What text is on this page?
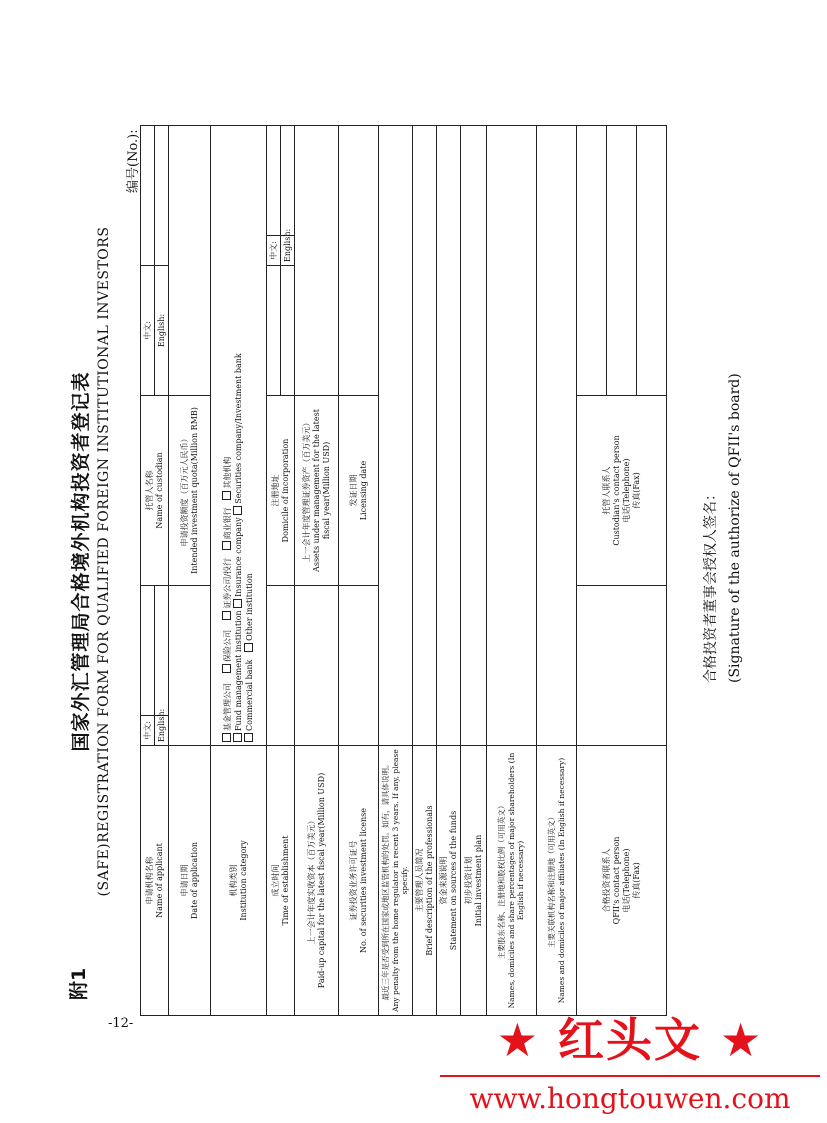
-12-
附1
国家外汇管理局合格境外机构投资者登记表 (SAFE)REGISTRATION FORM FOR QUALIFIED FOREIGN INSTITUTIONAL INVESTORS
编号(No.):
申请机构名称 Name of applicant	中文:		托管人名称 Name of custodian	中文:		
	English:			English:		

申请日期 Date of application			申请投资额度（百万元人民币） Intended investment quota(Million RMB)			

机构类别 Institution category	基金管理公司    保险公司    证券公司/投行   商业银行   其他机构
Fund management institution Insurance company Securities company/Investment bank
Commercial bank   Other institution					

成立时间 Time of establishment			注册地址 Domicile of incorporation		中文:	
					English:	

上一会计年度实收资本（百万美元） Paid-up capital for the latest fiscal year(Million USD)			上一会计年度管理证券资产（百万美元） Assets under management for the latest fiscal year(Million USD)			

证券投资业务许可证号 No. of securities investment license			发证日期 Licensing date			

最近三年是否受到所在国家或地区监管机构的处罚。如有，请具体说明。 Any penalty from the home regulator in recent 3 years. If any, please specify.						

主要管理人员简况 Brief description of the professionals						

资金来源说明 Statement on sources of the funds						

初步投资计划 Initial investment plan						

主要股东名称、注册地和股权比例（可用英文） Names, domiciles and share percentages of major shareholders (In English if necessary)						

主要关联机构名称和注册地（可用英文） Names and domiciles of major affiliates (In English if necessary)						

合格投资者联系人 QFII's contact person 电话(Telephone) 传真(Fax)			托管人联系人 Custodian's contact person 电话(Telephone) 传真(Fax)			
		合格投资者董事会授权人签名： (Signature of the authorize of QFII's board)
★ 红头文 ★
www.hongtouwen.com
